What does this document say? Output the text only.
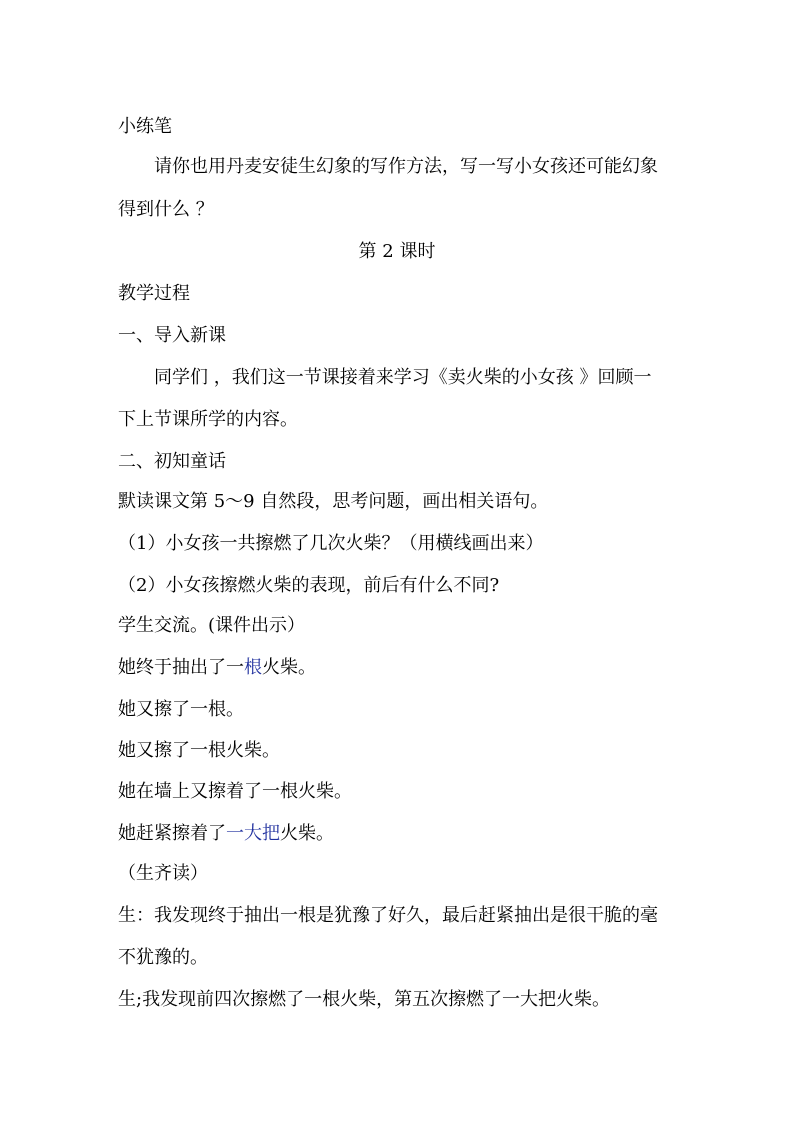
小练笔
请你也用丹麦安徒生幻象的写作方法，写一写小女孩还可能幻象
得到什么 ？
第 2 课时
教学过程
一、导入新课
同学们 ，我们这一节课接着来学习《卖火柴的小女孩 》回顾一
下上节课所学的内容。
二、初知童话
默读课文第 5～9 自然段，思考问题，画出相关语句。
（1）小女孩一共擦燃了几次火柴？（用横线画出来）
（2）小女孩擦燃火柴的表现，前后有什么不同?
学生交流。(课件出示）
她终于抽出了一根火柴。
她又擦了一根。
她又擦了一根火柴。
她在墙上又擦着了一根火柴。
她赶紧擦着了一大把火柴。
（生齐读）
生：我发现终于抽出一根是犹豫了好久，最后赶紧抽出是很干脆的毫
不犹豫的。
生;我发现前四次擦燃了一根火柴，第五次擦燃了一大把火柴。
